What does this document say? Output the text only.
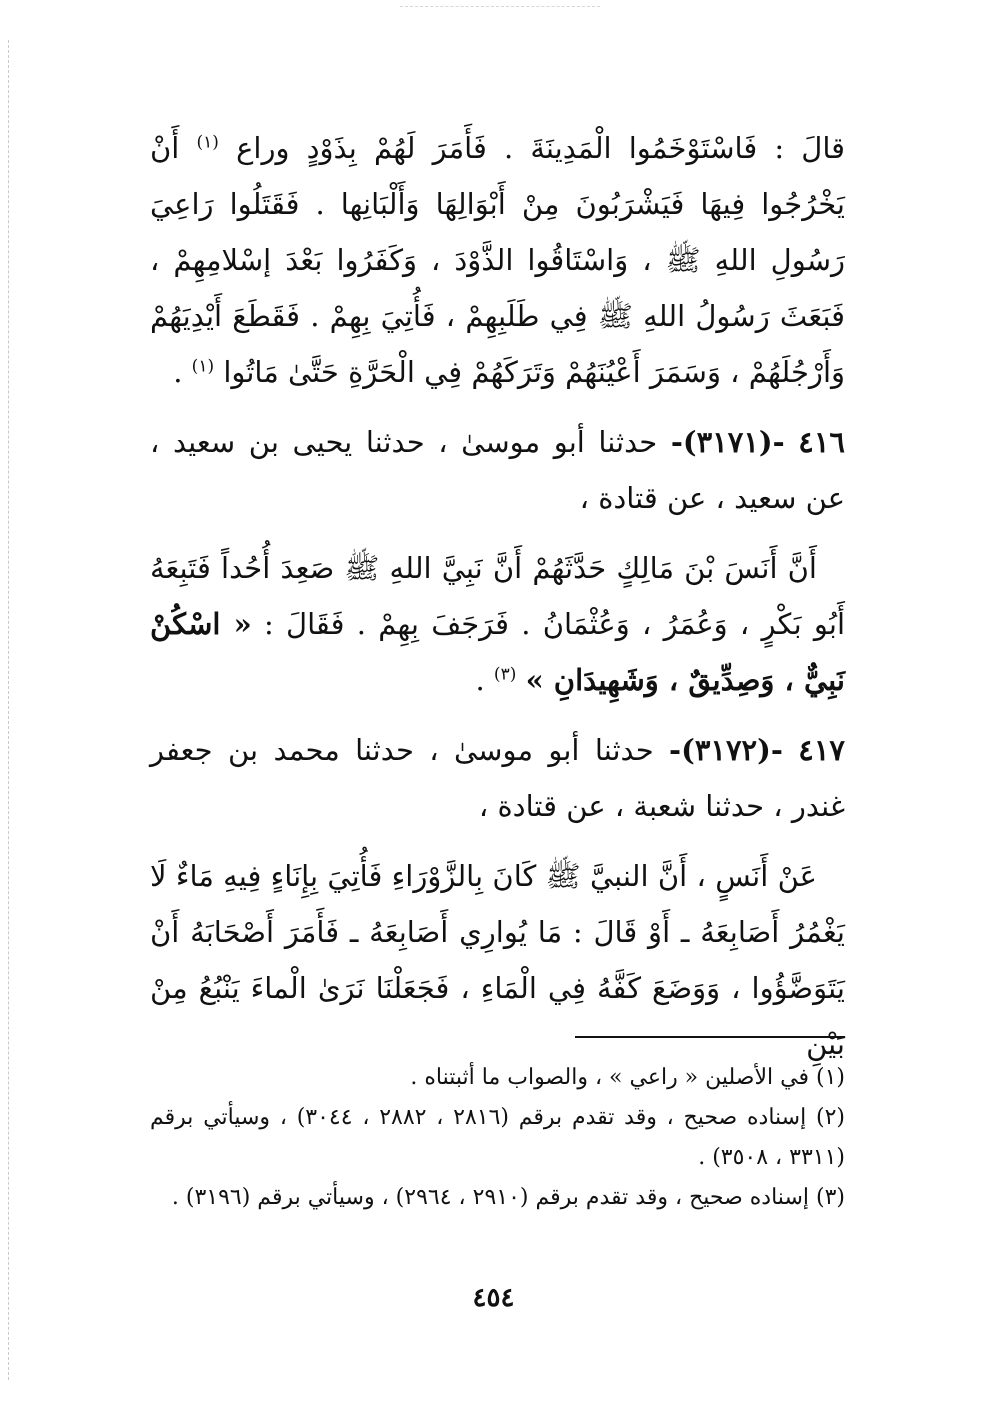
قالَ : فَاسْتَوْخَمُوا الْمَدِينَةَ . فَأَمَرَ لَهُمْ بِذَوْدٍ وراع $^{(١)}$ أَنْ يَخْرُجُوا فِيهَا فَيَشْرَبُونَ مِنْ أَبْوَالِهَا وَأَلْبَانِها . فَقَتَلُوا رَاعِيَ رَسُولِ اللهِ ﷺ ، وَاسْتَاقُوا الذَّوْدَ ، وَكَفَرُوا بَعْدَ إسْلامِهِمْ ، فَبَعَثَ رَسُولُ اللهِ ﷺ فِي طَلَبِهِمْ ، فَأُتِيَ بِهِمْ . فَقَطَعَ أَيْدِيَهُمْ وَأَرْجُلَهُمْ ، وَسَمَرَ أَعْيُنَهُمْ وَتَرَكَهُمْ فِي الْحَرَّةِ حَتَّىٰ مَاتُوا $^{(١)}$ .

٤١٦ -(٣١٧١)- حدثنا أبو موسىٰ ، حدثنا يحيى بن سعيد ، عن سعيد ، عن قتادة ،

أَنَّ أَنَسَ بْنَ مَالِكٍ حَدَّثَهُمْ أَنَّ نَبِيَّ اللهِ ﷺ صَعِدَ أُحُداً فَتَبِعَهُ أَبُو بَكْرٍ ، وَعُمَرُ ، وَعُثْمَانُ . فَرَجَفَ بِهِمْ . فَقَالَ : « اسْكُنْ نَبِيٌّ ، وَصِدِّيقٌ ، وَشَهِيدَانِ » $^{(٣)}$ .

٤١٧ -(٣١٧٢)- حدثنا أبو موسىٰ ، حدثنا محمد بن جعفر غندر ، حدثنا شعبة ، عن قتادة ،

عَنْ أَنَسٍ ، أَنَّ النبيَّ ﷺ كَانَ بِالزَّوْرَاءِ فَأُتِيَ بِإِنَاءٍ فِيهِ مَاءٌ لَا يَغْمُرُ أَصَابِعَهُ ـ أَوْ قَالَ : مَا يُوارِي أَصَابِعَهُ ـ فَأَمَرَ أَصْحَابَهُ أَنْ يَتَوَضَّؤُوا ، وَوَضَعَ كَفَّهُ فِي الْمَاءِ ، فَجَعَلْنَا نَرَىٰ الْماءَ يَنْبُعُ مِنْ بَيْنِ

(١) في الأصلين « راعي » ، والصواب ما أثبتناه .

(٢) إسناده صحيح ، وقد تقدم برقم (٢٨١٦ ، ٢٨٨٢ ، ٣٠٤٤) ، وسيأتي برقم (٣٣١١ ، ٣٥٠٨) .

(٣) إسناده صحيح ، وقد تقدم برقم (٢٩١٠ ، ٢٩٦٤) ، وسيأتي برقم (٣١٩٦) .

٤٥٤
